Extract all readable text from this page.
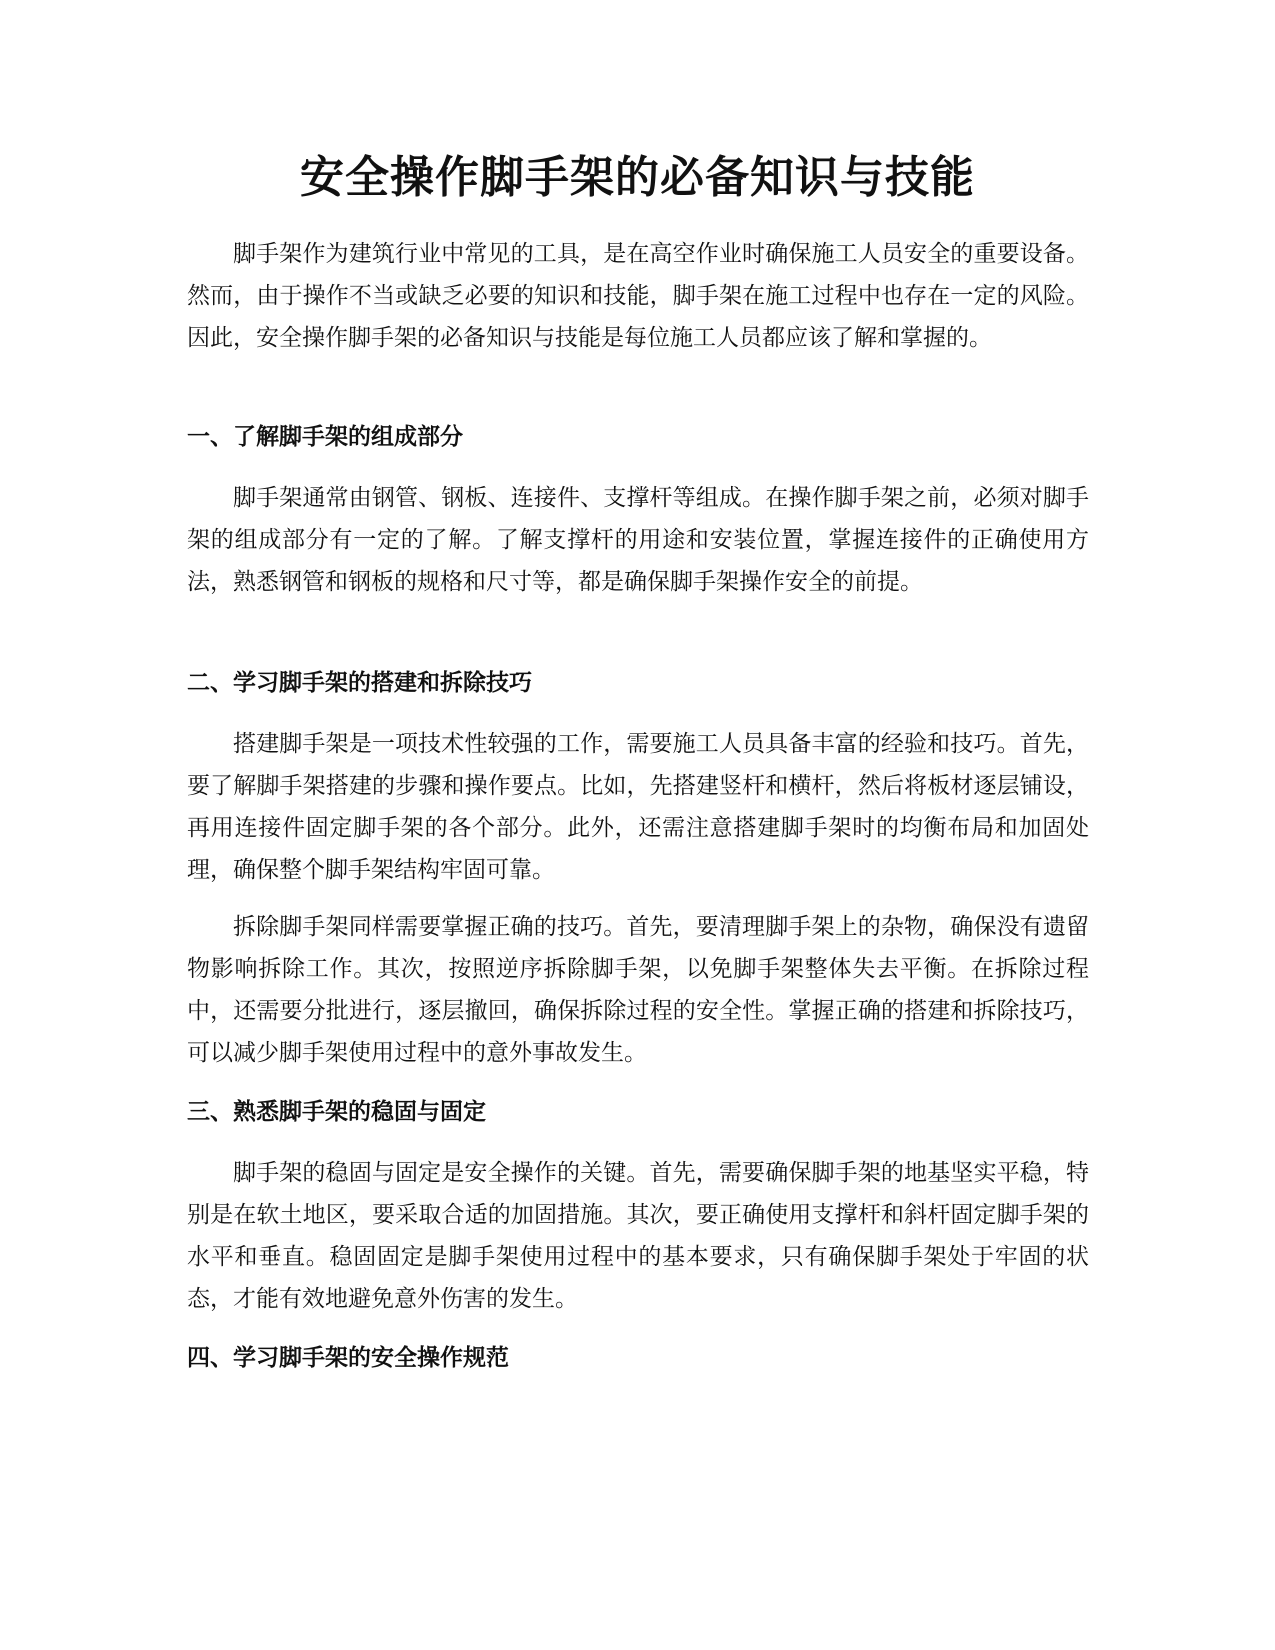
安全操作脚手架的必备知识与技能

脚手架作为建筑行业中常见的工具，是在高空作业时确保施工人员安全的重要设备。然而，由于操作不当或缺乏必要的知识和技能，脚手架在施工过程中也存在一定的风险。因此，安全操作脚手架的必备知识与技能是每位施工人员都应该了解和掌握的。

一、了解脚手架的组成部分

脚手架通常由钢管、钢板、连接件、支撑杆等组成。在操作脚手架之前，必须对脚手架的组成部分有一定的了解。了解支撑杆的用途和安装位置，掌握连接件的正确使用方法，熟悉钢管和钢板的规格和尺寸等，都是确保脚手架操作安全的前提。

二、学习脚手架的搭建和拆除技巧

搭建脚手架是一项技术性较强的工作，需要施工人员具备丰富的经验和技巧。首先，要了解脚手架搭建的步骤和操作要点。比如，先搭建竖杆和横杆，然后将板材逐层铺设，再用连接件固定脚手架的各个部分。此外，还需注意搭建脚手架时的均衡布局和加固处理，确保整个脚手架结构牢固可靠。

拆除脚手架同样需要掌握正确的技巧。首先，要清理脚手架上的杂物，确保没有遗留物影响拆除工作。其次，按照逆序拆除脚手架，以免脚手架整体失去平衡。在拆除过程中，还需要分批进行，逐层撤回，确保拆除过程的安全性。掌握正确的搭建和拆除技巧，可以减少脚手架使用过程中的意外事故发生。

三、熟悉脚手架的稳固与固定

脚手架的稳固与固定是安全操作的关键。首先，需要确保脚手架的地基坚实平稳，特别是在软土地区，要采取合适的加固措施。其次，要正确使用支撑杆和斜杆固定脚手架的水平和垂直。稳固固定是脚手架使用过程中的基本要求，只有确保脚手架处于牢固的状态，才能有效地避免意外伤害的发生。

四、学习脚手架的安全操作规范
